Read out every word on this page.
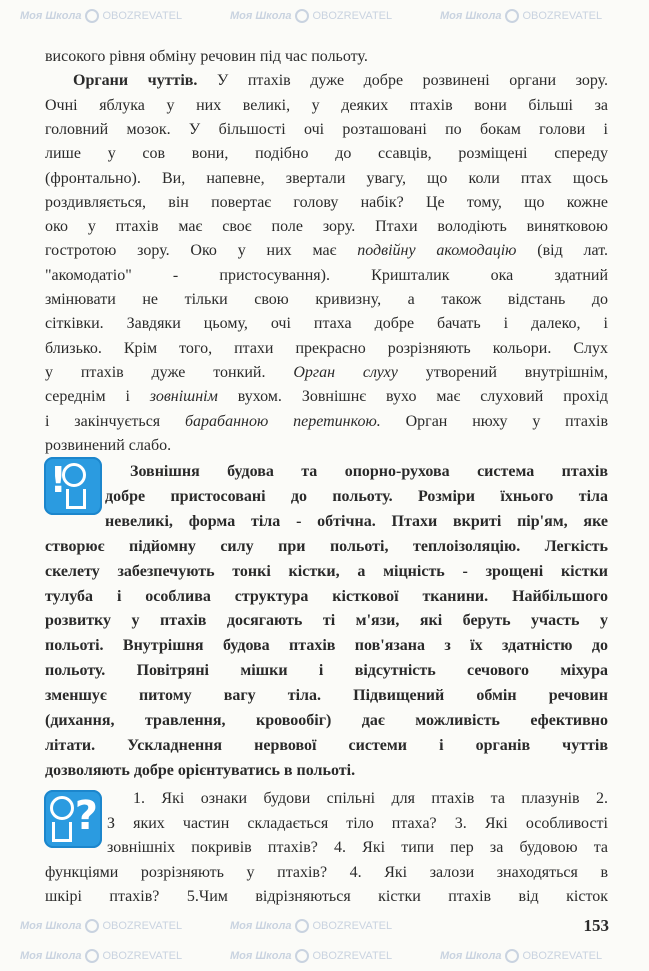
Моя Школа OBOZREVATEL	Моя Школа OBOZREVATEL	Моя Школа OBOZREVATEL
Моя Школа OBOZREVATEL	Моя Школа OBOZREVATEL
Моя Школа OBOZREVATEL	Моя Школа OBOZREVATEL	Моя Школа OBOZREVATEL
високого рівня обміну речовин під час польоту.
Органи чуттів. У птахів дуже добре розвинені органи зору.
Очні яблука у них великі, у деяких птахів вони більші за
головний мозок. У більшості очі розташовані по бокам голови і
лише у сов вони, подібно до ссавців, розміщені спереду
(фронтально). Ви, напевне, звертали увагу, що коли птах щось
роздивляється, він повертає голову набік? Це тому, що кожне
око у птахів має своє поле зору. Птахи володіють винятковою
гостротою зору. Око у них має подвійну акомодацію (від лат.
"акомодатіо" - пристосування). Кришталик ока здатний
змінювати не тільки свою кривизну, а також відстань до
сітківки. Завдяки цьому, очі птаха добре бачать і далеко, і
близько. Крім того, птахи прекрасно розрізняють кольори. Слух
у птахів дуже тонкий. Орган слуху утворений внутрішнім,
середнім і зовнішнім вухом. Зовнішнє вухо має слуховий прохід
і закінчується барабанною перетинкою. Орган нюху у птахів
розвинений слабо.
Зовнішня будова та опорно-рухова система птахів
добре пристосовані до польоту. Розміри їхнього тіла
невеликі, форма тіла - обтічна. Птахи вкриті пір'ям, яке
створює підйомну силу при польоті, теплоізоляцію. Легкість
скелету забезпечують тонкі кістки, а міцність - зрощені кістки
тулуба і особлива структура кісткової тканини. Найбільшого
розвитку у птахів досягають ті м'язи, які беруть участь у
польоті. Внутрішня будова птахів пов'язана з їх здатністю до
польоту. Повітряні мішки і відсутність сечового міхура
зменшує питому вагу тіла. Підвищений обмін речовин
(дихання, травлення, кровообіг) дає можливість ефективно
літати. Ускладнення нервової системи і органів чуттів
дозволяють добре орієнтуватись в польоті.
1. Які ознаки будови спільні для птахів та плазунів 2.
З яких частин складається тіло птаха? 3. Які особливості
зовнішніх покривів птахів? 4. Які типи пер за будовою та
функціями розрізняють у птахів? 4. Які залози знаходяться в
шкірі птахів? 5.Чим відрізняються кістки птахів від кісток
!
?
153
